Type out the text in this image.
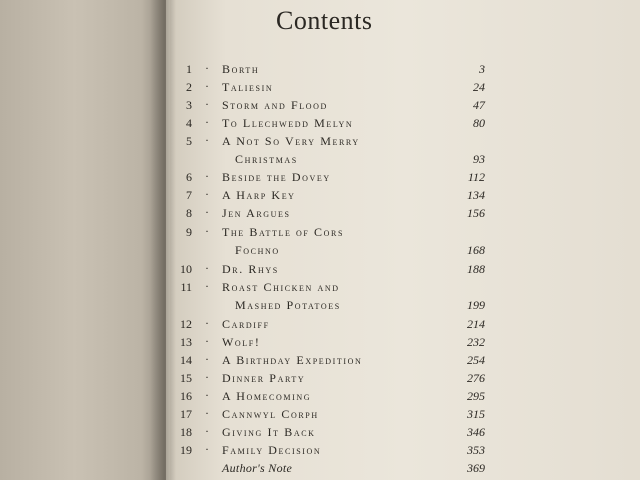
Contents
1 · Borth	3
2 · Taliesin	24
3 · Storm and Flood	47
4 · To Llechwedd Melyn	80
5 · A Not So Very Merry
Christmas	93
6 · Beside the Dovey	112
7 · A Harp Key	134
8 · Jen Argues	156
9 · The Battle of Cors
Fochno	168
10 · Dr. Rhys	188
11 · Roast Chicken and
Mashed Potatoes	199
12 · Cardiff	214
13 · Wolf!	232
14 · A Birthday Expedition	254
15 · Dinner Party	276
16 · A Homecoming	295
17 · Cannwyl Corph	315
18 · Giving It Back	346
19 · Family Decision	353
Author's Note	369
